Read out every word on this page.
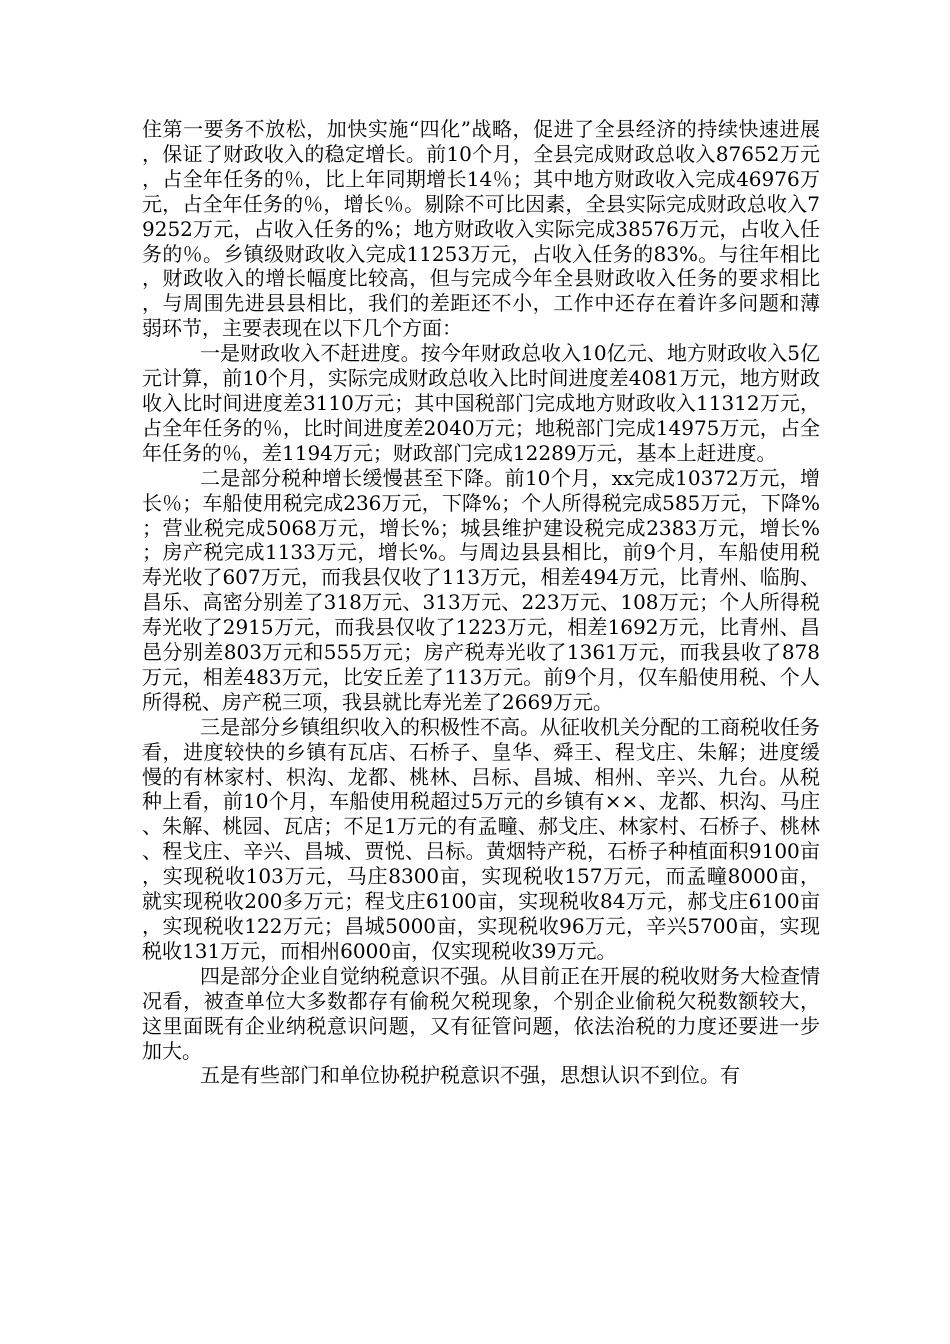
住第一要务不放松，加快实施“四化”战略，促进了全县经济的持续快速进展，保证了财政收入的稳定增长。前10个月，全县完成财政总收入87652万元，占全年任务的％，比上年同期增长14％；其中地方财政收入完成46976万元，占全年任务的％，增长％。剔除不可比因素，全县实际完成财政总收入79252万元，占收入任务的%；地方财政收入实际完成38576万元，占收入任务的％。乡镇级财政收入完成11253万元，占收入任务的83%。与往年相比，财政收入的增长幅度比较高，但与完成今年全县财政收入任务的要求相比，与周围先进县县相比，我们的差距还不小，工作中还存在着许多问题和薄弱环节，主要表现在以下几个方面：

一是财政收入不赶进度。按今年财政总收入10亿元、地方财政收入5亿元计算，前10个月，实际完成财政总收入比时间进度差4081万元，地方财政收入比时间进度差3110万元；其中国税部门完成地方财政收入11312万元，占全年任务的％，比时间进度差2040万元；地税部门完成14975万元，占全年任务的％，差1194万元；财政部门完成12289万元，基本上赶进度。

二是部分税种增长缓慢甚至下降。前10个月，xx完成10372万元，增长％；车船使用税完成236万元，下降%；个人所得税完成585万元，下降%；营业税完成5068万元，增长%；城县维护建设税完成2383万元，增长%；房产税完成1133万元，增长%。与周边县县相比，前9个月，车船使用税寿光收了607万元，而我县仅收了113万元，相差494万元，比青州、临朐、昌乐、高密分别差了318万元、313万元、223万元、108万元；个人所得税寿光收了2915万元，而我县仅收了1223万元，相差1692万元，比青州、昌邑分别差803万元和555万元；房产税寿光收了1361万元，而我县收了878万元，相差483万元，比安丘差了113万元。前9个月，仅车船使用税、个人所得税、房产税三项，我县就比寿光差了2669万元。

三是部分乡镇组织收入的积极性不高。从征收机关分配的工商税收任务看，进度较快的乡镇有瓦店、石桥子、皇华、舜王、程戈庄、朱解；进度缓慢的有林家村、枳沟、龙都、桃林、吕标、昌城、相州、辛兴、九台。从税种上看，前10个月，车船使用税超过5万元的乡镇有××、龙都、枳沟、马庄、朱解、桃园、瓦店；不足1万元的有孟疃、郝戈庄、林家村、石桥子、桃林、程戈庄、辛兴、昌城、贾悦、吕标。黄烟特产税，石桥子种植面积9100亩，实现税收103万元，马庄8300亩，实现税收157万元，而孟疃8000亩，就实现税收200多万元；程戈庄6100亩，实现税收84万元，郝戈庄6100亩，实现税收122万元；昌城5000亩，实现税收96万元，辛兴5700亩，实现税收131万元，而相州6000亩，仅实现税收39万元。

四是部分企业自觉纳税意识不强。从目前正在开展的税收财务大检查情况看，被查单位大多数都存有偷税欠税现象，个别企业偷税欠税数额较大，这里面既有企业纳税意识问题，又有征管问题，依法治税的力度还要进一步加大。

五是有些部门和单位协税护税意识不强，思想认识不到位。有
